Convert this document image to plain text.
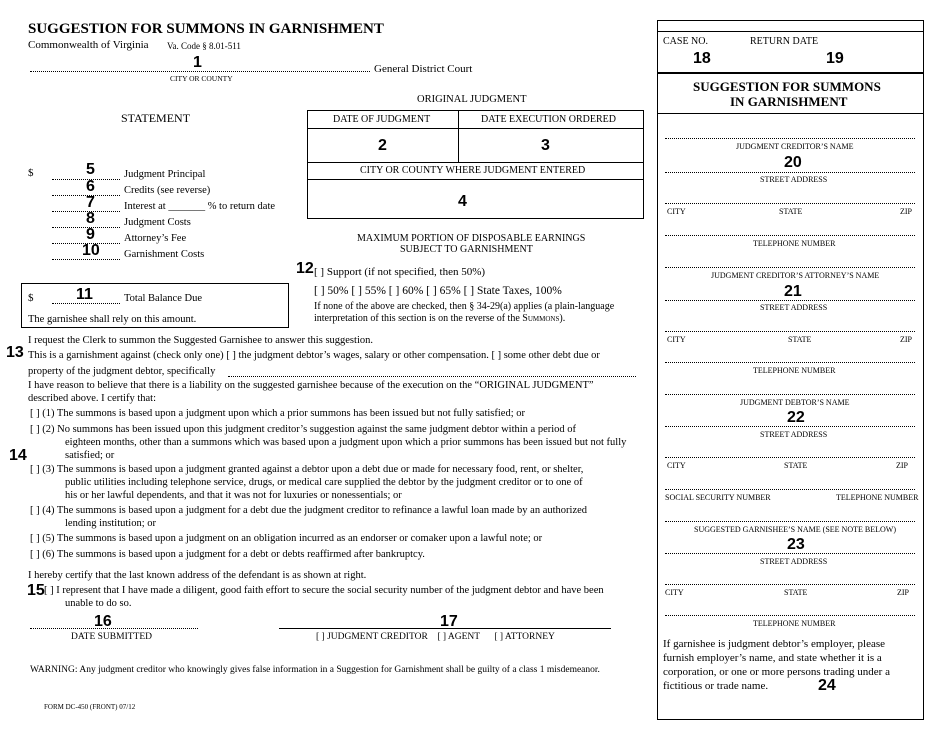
SUGGESTION FOR SUMMONS IN GARNISHMENT
Commonwealth of Virginia Va. Code § 8.01-511
1	General District Court
CITY OR COUNTY
ORIGINAL JUDGMENT
STATEMENT	DATE OF JUDGMENT	DATE EXECUTION ORDERED
2	3
CITY OR COUNTY WHERE JUDGMENT ENTERED
4
$	5	Judgment Principal
6	Credits (see reverse)
7	Interest at _______ % to return date
8	Judgment Costs
9	Attorney’s Fee
10 Garnishment Costs
$	11	Total Balance Due
The garnishee shall rely on this amount.
MAXIMUM PORTION OF DISPOSABLE EARNINGS
SUBJECT TO GARNISHMENT
12 [ ] Support (if not specified, then 50%)
[ ] 50% [ ] 55% [ ] 60% [ ] 65% [ ] State Taxes, 100%
If none of the above are checked, then § 34-29(a) applies (a plain-language
interpretation of this section is on the reverse of the Summons).
I request the Clerk to summon the Suggested Garnishee to answer this suggestion.
13 This is a garnishment against (check only one) [ ] the judgment debtor’s wages, salary or other compensation. [ ] some other debt due or
property of the judgment debtor, specifically
I have reason to believe that there is a liability on the suggested garnishee because of the execution on the “ORIGINAL JUDGMENT”
described above. I certify that:
[ ] (1) The summons is based upon a judgment upon which a prior summons has been issued but not fully satisfied; or
[ ] (2) No summons has been issued upon this judgment creditor’s suggestion against the same judgment debtor within a period of
eighteen months, other than a summons which was based upon a judgment upon which a prior summons has been issued but not fully
satisfied; or
14
[ ] (3) The summons is based upon a judgment granted against a debtor upon a debt due or made for necessary food, rent, or shelter,
public utilities including telephone service, drugs, or medical care supplied the debtor by the judgment creditor or to one of
his or her lawful dependents, and that it was not for luxuries or nonessentials; or
[ ] (4) The summons is based upon a judgment for a debt due the judgment creditor to refinance a lawful loan made by an authorized
lending institution; or
[ ] (5) The summons is based upon a judgment on an obligation incurred as an endorser or comaker upon a lawful note; or
[ ] (6) The summons is based upon a judgment for a debt or debts reaffirmed after bankruptcy.
I hereby certify that the last known address of the defendant is as shown at right.
15 [ ] I represent that I have made a diligent, good faith effort to secure the social security number of the judgment debtor and have been
unable to do so.
16
DATE SUBMITTED
17
[ ] JUDGMENT CREDITOR [ ] AGENT [ ] ATTORNEY
WARNING: Any judgment creditor who knowingly gives false information in a Suggestion for Garnishment shall be guilty of a class 1 misdemeanor.
FORM DC-450 (FRONT) 07/12
CASE NO.	RETURN DATE
18	19
SUGGESTION FOR SUMMONS
IN GARNISHMENT
JUDGMENT CREDITOR’S NAME
20
STREET ADDRESS
CITY	STATE	ZIP
TELEPHONE NUMBER
JUDGMENT CREDITOR’S ATTORNEY’S NAME
21
STREET ADDRESS
CITY	STATE	ZIP
TELEPHONE NUMBER
JUDGMENT DEBTOR’S NAME
22
STREET ADDRESS
CITY	STATE	ZIP
SOCIAL SECURITY NUMBER	TELEPHONE NUMBER
SUGGESTED GARNISHEE’S NAME (SEE NOTE BELOW)
23
STREET ADDRESS
CITY	STATE	ZIP
TELEPHONE NUMBER
If garnishee is judgment debtor’s employer, please
furnish employer’s name, and state whether it is a
corporation, or one or more persons trading under a
fictitious or trade name.	24
